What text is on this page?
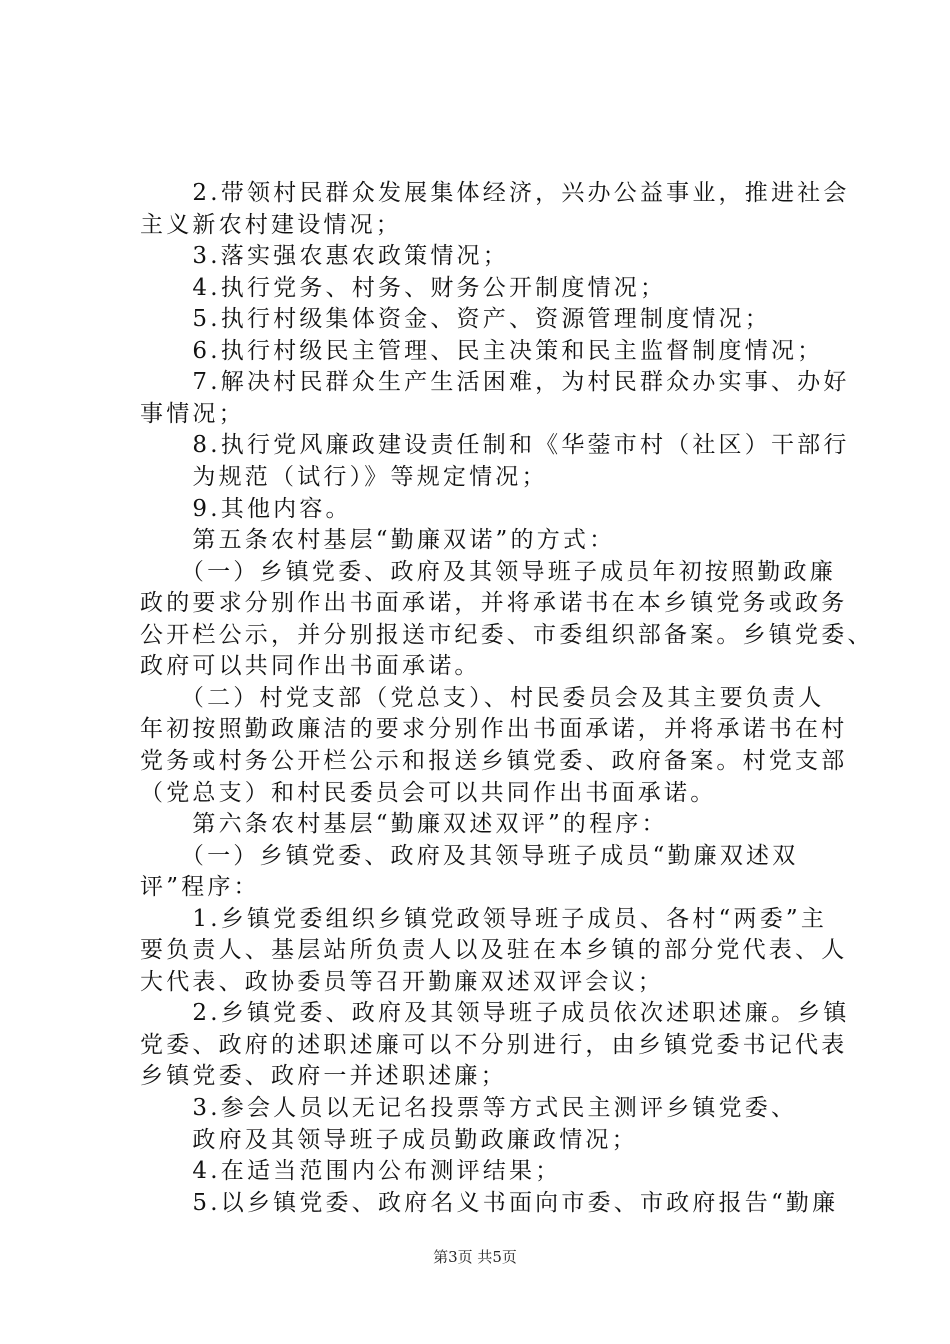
　　2.带领村民群众发展集体经济，兴办公益事业，推进社会
主义新农村建设情况；
　　3.落实强农惠农政策情况；
　　4.执行党务、村务、财务公开制度情况；
　　5.执行村级集体资金、资产、资源管理制度情况；
　　6.执行村级民主管理、民主决策和民主监督制度情况；
　　7.解决村民群众生产生活困难，为村民群众办实事、办好
事情况；
　　8.执行党风廉政建设责任制和《华蓥市村（社区）干部行
　　为规范（试行）》等规定情况；
　　9.其他内容。
　　第五条农村基层“勤廉双诺”的方式：
　　（一）乡镇党委、政府及其领导班子成员年初按照勤政廉
政的要求分别作出书面承诺，并将承诺书在本乡镇党务或政务
公开栏公示，并分别报送市纪委、市委组织部备案。乡镇党委、
政府可以共同作出书面承诺。
　　（二）村党支部（党总支）、村民委员会及其主要负责人
年初按照勤政廉洁的要求分别作出书面承诺，并将承诺书在村
党务或村务公开栏公示和报送乡镇党委、政府备案。村党支部
（党总支）和村民委员会可以共同作出书面承诺。
　　第六条农村基层“勤廉双述双评”的程序：
　　（一）乡镇党委、政府及其领导班子成员“勤廉双述双
评”程序：
　　1.乡镇党委组织乡镇党政领导班子成员、各村“两委”主
要负责人、基层站所负责人以及驻在本乡镇的部分党代表、人
大代表、政协委员等召开勤廉双述双评会议；
　　2.乡镇党委、政府及其领导班子成员依次述职述廉。乡镇
党委、政府的述职述廉可以不分别进行，由乡镇党委书记代表
乡镇党委、政府一并述职述廉；
　　3.参会人员以无记名投票等方式民主测评乡镇党委、
　　政府及其领导班子成员勤政廉政情况；
　　4.在适当范围内公布测评结果；
　　5.以乡镇党委、政府名义书面向市委、市政府报告“勤廉
第3页 共5页
